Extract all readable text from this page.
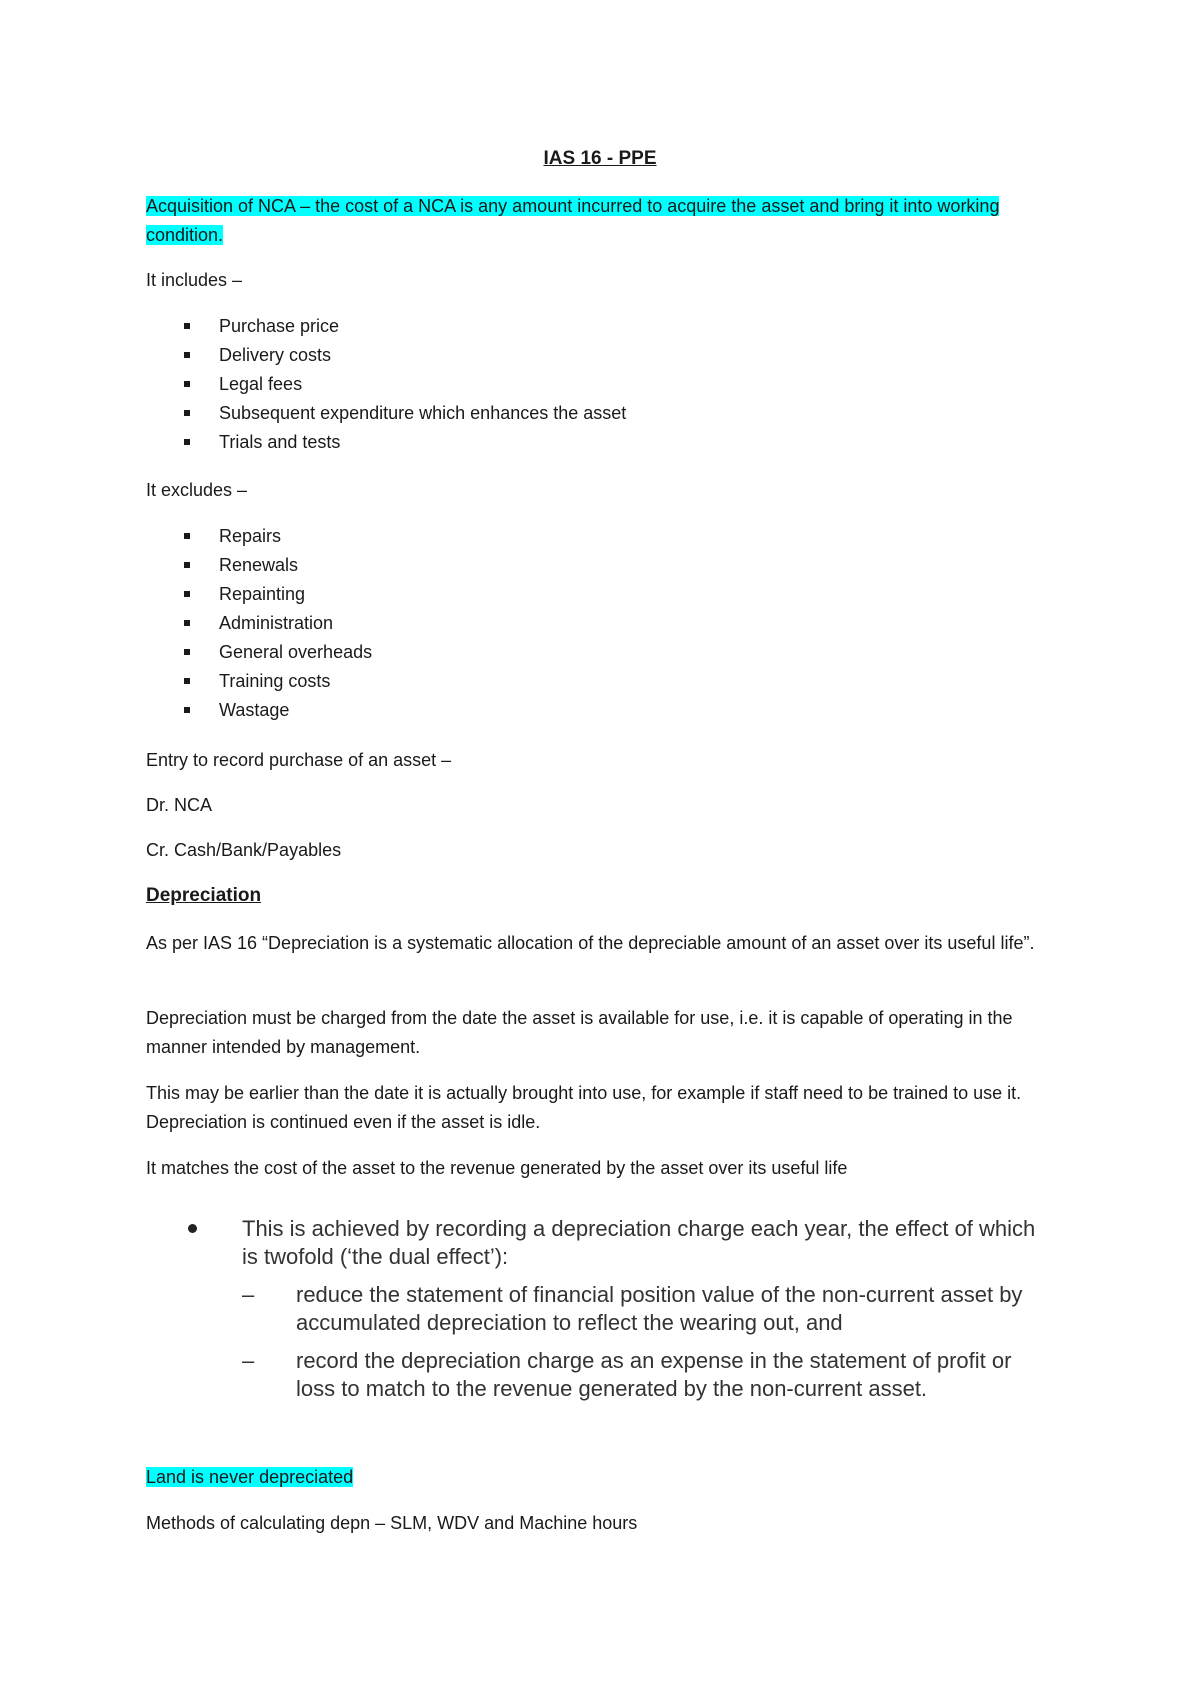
IAS 16 - PPE

Acquisition of NCA – the cost of a NCA is any amount incurred to acquire the asset and bring it into working condition.

It includes –

Purchase price
Delivery costs
Legal fees
Subsequent expenditure which enhances the asset
Trials and tests

It excludes –

Repairs
Renewals
Repainting
Administration
General overheads
Training costs
Wastage

Entry to record purchase of an asset –

Dr. NCA

Cr. Cash/Bank/Payables

Depreciation

As per IAS 16 “Depreciation is a systematic allocation of the depreciable amount of an asset over its useful life”.

Depreciation must be charged from the date the asset is available for use, i.e. it is capable of operating in the manner intended by management.

This may be earlier than the date it is actually brought into use, for example if staff need to be trained to use it. Depreciation is continued even if the asset is idle.

It matches the cost of the asset to the revenue generated by the asset over its useful life

This is achieved by recording a depreciation charge each year, the effect of which is twofold (‘the dual effect’):
– reduce the statement of financial position value of the non-current asset by accumulated depreciation to reflect the wearing out, and
– record the depreciation charge as an expense in the statement of profit or loss to match to the revenue generated by the non-current asset.

Land is never depreciated

Methods of calculating depn – SLM, WDV and Machine hours
